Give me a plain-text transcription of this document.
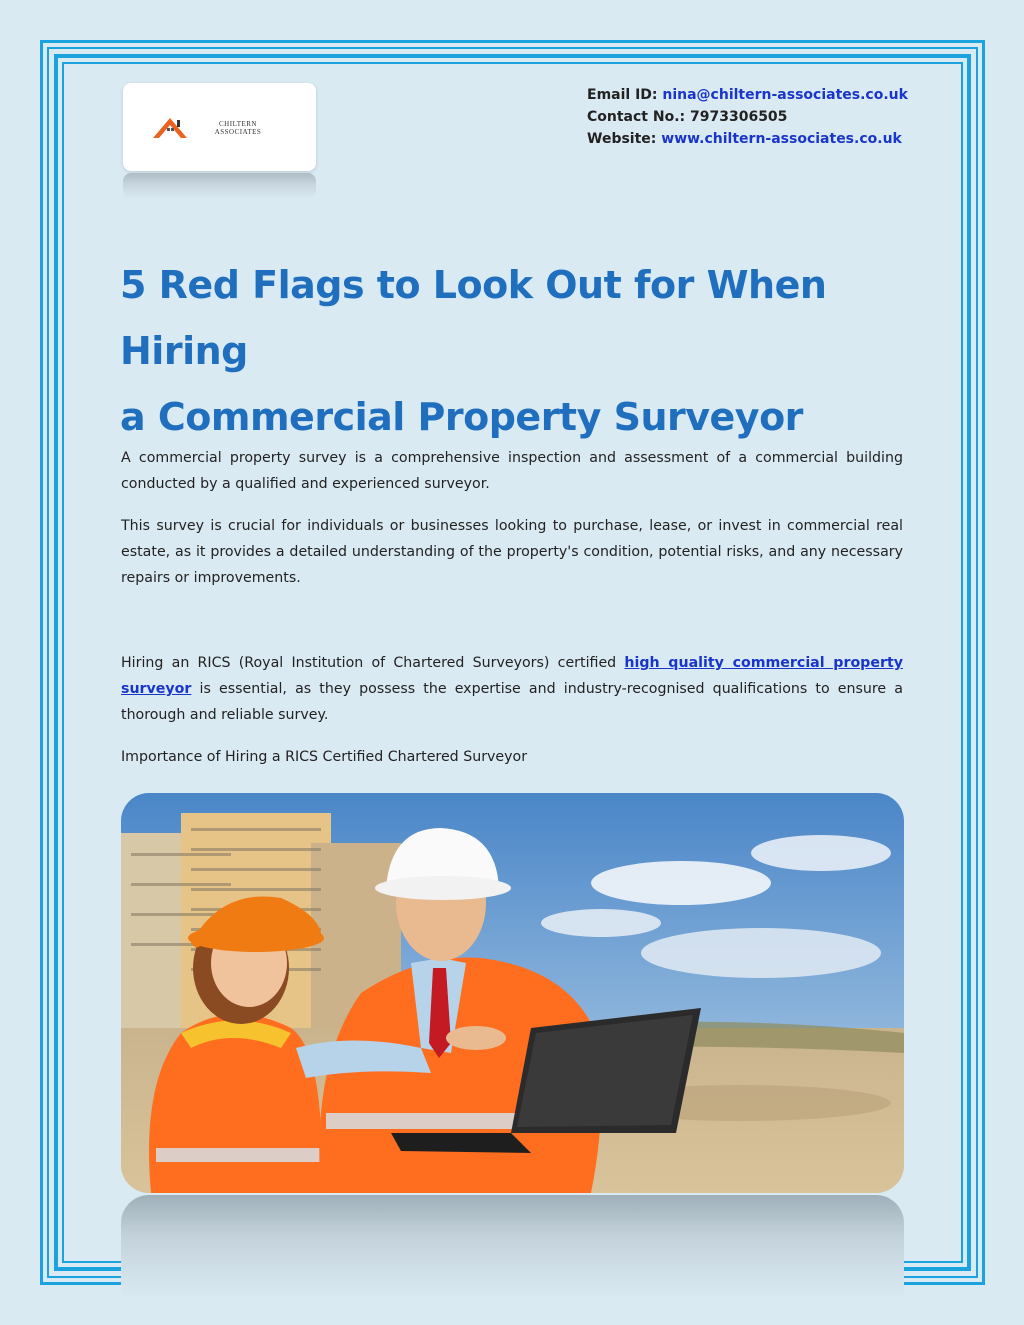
CHILTERN
ASSOCIATES
Email ID: nina@chiltern-associates.co.uk
Contact No.: 7973306505
Website: www.chiltern-associates.co.uk
5 Red Flags to Look Out for When Hiring
a Commercial Property Surveyor

A commercial property survey is a comprehensive inspection and assessment of a commercial building conducted by a qualified and experienced surveyor.

This survey is crucial for individuals or businesses looking to purchase, lease, or invest in commercial real estate, as it provides a detailed understanding of the property's condition, potential risks, and any necessary repairs or improvements.

Hiring an RICS (Royal Institution of Chartered Surveyors) certified high quality commercial property surveyor is essential, as they possess the expertise and industry-recognised qualifications to ensure a thorough and reliable survey.

Importance of Hiring a RICS Certified Chartered Surveyor
